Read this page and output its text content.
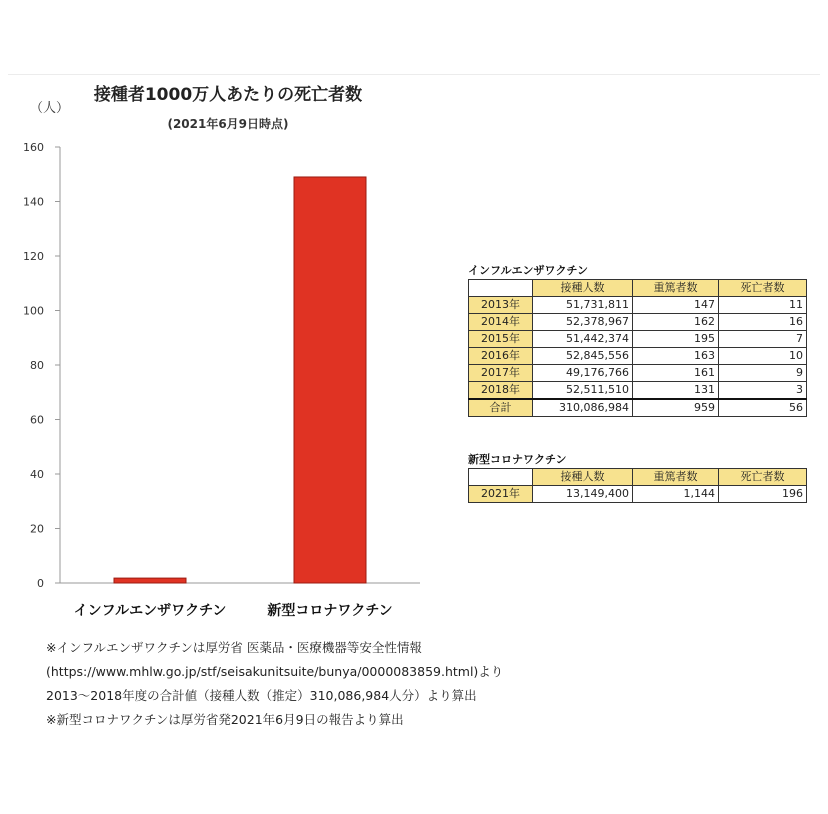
接種者1000万人あたりの死亡者数
(2021年6月9日時点)
（人）
0
20
40
60
80
100
120
140
160
インフルエンザワクチン	新型コロナワクチン
インフルエンザワクチン
	接種人数	重篤者数	死亡者数
2013年	51,731,811	147	11
2014年	52,378,967	162	16
2015年	51,442,374	195	7
2016年	52,845,556	163	10
2017年	49,176,766	161	9
2018年	52,511,510	131	3
合計	310,086,984	959	56
新型コロナワクチン
	接種人数	重篤者数	死亡者数
2021年	13,149,400	1,144	196
※インフルエンザワクチンは厚労省 医薬品・医療機器等安全性情報
(https://www.mhlw.go.jp/stf/seisakunitsuite/bunya/0000083859.html)より
2013～2018年度の合計値（接種人数（推定）310,086,984人分）より算出
※新型コロナワクチンは厚労省発2021年6月9日の報告より算出
